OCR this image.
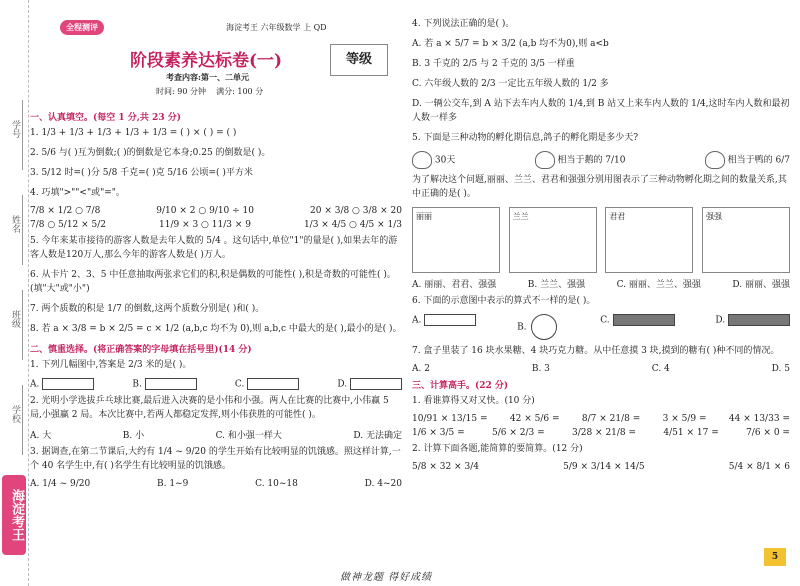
学号
姓名
班级
学校
海淀考王
全程测评	海淀考王 六年级数学 上 QD
阶段素养达标卷(一)	等级
考查内容:第一、二单元
时间: 90 分钟 满分: 100 分
一、认真填空。(每空 1 分,共 23 分)
1. 1/3 + 1/3 + 1/3 + 1/3 + 1/3 = ( ) × ( ) = ( )
2. 5/6 与( )互为倒数;( )的倒数是它本身;0.25 的倒数是( )。
3. 5/12 时=( )分 5/8 千克=( )克 5/16 公顷=( )平方米
4. 巧填">""<"或"="。
7/8 × 1/2 ○ 7/8	9/10 × 2 ○ 9/10 ÷ 10	20 × 3/8 ○ 3/8 × 20
7/8 ○ 5/12 × 5/2	11/9 × 3 ○ 11/3 × 9	1/3 × 4/5 ○ 4/5 × 1/3
5. 今年来某市接待的游客人数是去年人数的 5/4 。这句话中,单位"1"的量是( ),如果去年的游客人数是120万人,那么今年的游客人数是( )万人。
6. 从卡片 2、3、5 中任意抽取两张求它们的积,积是偶数的可能性( ),积是奇数的可能性( )。(填"大"或"小")
7. 两个质数的积是 1/7 的倒数,这两个质数分别是( )和( )。
8. 若 a × 3/8 = b × 2/5 = c × 1/2 (a,b,c 均不为 0),则 a,b,c 中最大的是( ),最小的是( )。
二、慎重选择。(将正确答案的字母填在括号里)(14 分)
1. 下列几幅图中,答案是 2/3 米的是( )。
A.	B.	C.	D.
2. 光明小学选拔乒乓球比赛,最后进入决赛的是小伟和小强。两人在比赛的比赛中,小伟赢 5 局,小强赢 2 局。本次比赛中,若两人都稳定发挥,则小伟获胜的可能性( )。
A. 大	B. 小	C. 和小强一样大	D. 无法确定
3. 据调查,在第二节课后,大约有 1/4 ~ 9/20 的学生开始有比较明显的饥饿感。照这样计算,一个 40 名学生中,有( )名学生有比较明显的饥饿感。
A. 1/4 ~ 9/20	B. 1~9	C. 10~18	D. 4~20
4. 下列说法正确的是( )。
A. 若 a × 5/7 = b × 3/2 (a,b 均不为0),则 a<b
B. 3 千克的 2/5 与 2 千克的 3/5 一样重
C. 六年级人数的 2/3 一定比五年级人数的 1/2 多
D. 一辆公交车,到 A 站下去车内人数的 1/4,到 B 站又上来车内人数的 1/4,这时车内人数和最初人数一样多
5. 下面是三种动物的孵化期信息,鸽子的孵化期是多少天?
30天	相当于鹅的 7/10	相当于鸭的 6/7
为了解决这个问题,丽丽、兰兰、君君和强强分别用图表示了三种动物孵化期之间的数量关系,其中正确的是( )。
丽丽	兰兰	君君	强强
A. 丽丽、君君、强强	B. 兰兰、强强	C. 丽丽、兰兰、强强	D. 丽丽、强强
6. 下面的示意图中表示的算式不一样的是( )。
A.
B.
C.	D.
7. 盒子里装了 16 块水果糖、4 块巧克力糖。从中任意摸 3 块,摸到的糖有( )种不同的情况。
A. 2	B. 3	C. 4	D. 5
三、计算高手。(22 分)
1. 看谁算得又对又快。(10 分)
10/91 × 13/15 = 42 × 5/6 = 8/7 × 21/8 = 3 × 5/9 = 44 × 13/33 =
1/6 × 3/5 =	5/6 × 2/3 =	3/28 × 21/8 =	4/51 × 17 =	7/6 × 0 =
2. 计算下面各题,能简算的要简算。(12 分)
5/8 × 32 × 3/4	5/9 × 3/14 × 14/5	5/4 × 8/1 × 6
做神龙题 得好成绩
5
